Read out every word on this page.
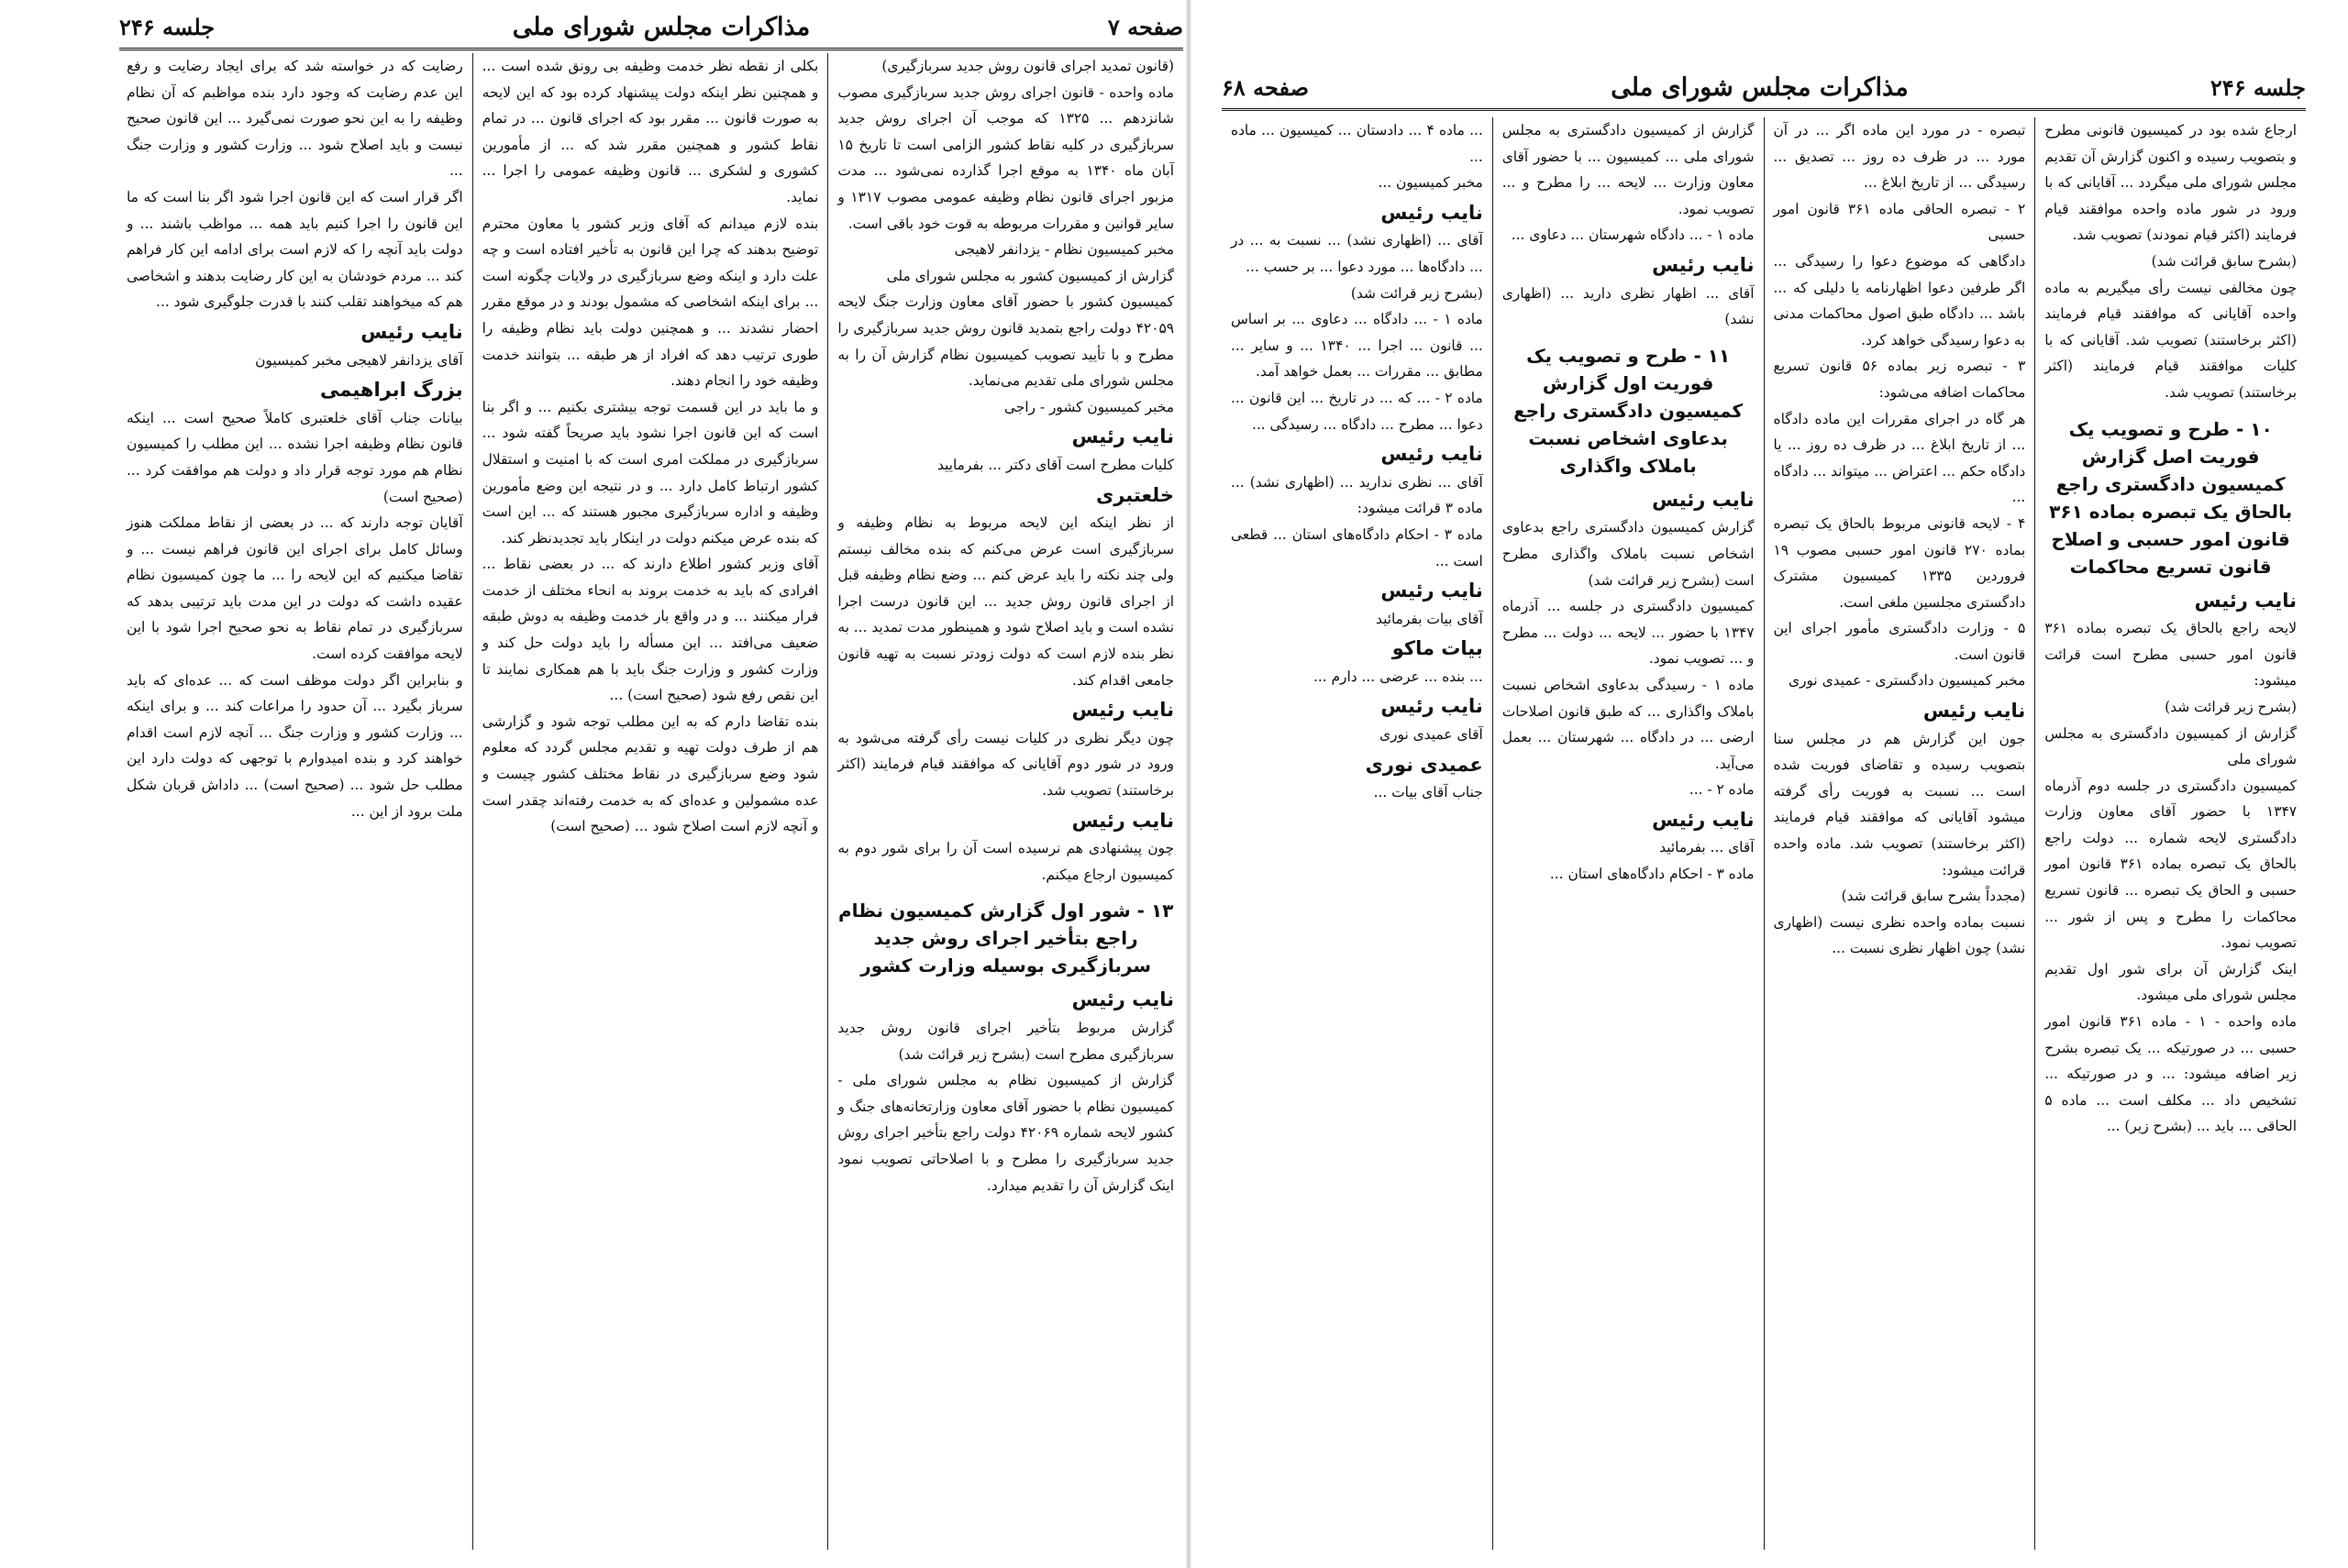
صفحه ۷
مذاکرات مجلس شورای ملی
جلسه ۲۴۶

(قانون تمدید اجرای قانون روش جدید سربازگیری)

ماده واحده - قانون اجرای روش جدید سربازگیری مصوب شانزدهم ... ۱۳۲۵ که موجب آن اجرای روش جدید سربازگیری در کلیه نقاط کشور الزامی است تا تاریخ ۱۵ آبان ماه ۱۳۴۰ به موقع اجرا گذارده نمی‌شود ... مدت مزبور اجرای قانون نظام وظیفه عمومی مصوب ۱۳۱۷ و سایر قوانین و مقررات مربوطه به قوت خود باقی است.

مخبر کمیسیون نظام - یزدانفر لاهیجی

گزارش از کمیسیون کشور به مجلس شورای ملی

کمیسیون کشور با حضور آقای معاون وزارت جنگ لایحه ۴۲۰۵۹ دولت راجع بتمدید قانون روش جدید سربازگیری را مطرح و با تأیید تصویب کمیسیون نظام گزارش آن را به مجلس شورای ملی تقدیم می‌نماید.

مخبر کمیسیون کشور - راجی

نایب رئیس

کلیات مطرح است آقای دکتر ... بفرمایید

خلعتبری

از نظر اینکه این لایحه مربوط به نظام وظیفه و سربازگیری است عرض می‌کنم که بنده مخالف نیستم ولی چند نکته را باید عرض کنم ... وضع نظام وظیفه قبل از اجرای قانون روش جدید ... این قانون درست اجرا نشده است و باید اصلاح شود و همینطور مدت تمدید ... به نظر بنده لازم است که دولت زودتر نسبت به تهیه قانون جامعی اقدام کند.

نایب رئیس

چون دیگر نظری در کلیات نیست رأی گرفته می‌شود به ورود در شور دوم آقایانی که موافقند قیام فرمایند (اکثر برخاستند) تصویب شد.

نایب رئیس

چون پیشنهادی هم نرسیده است آن را برای شور دوم به کمیسیون ارجاع میکنم.

۱۳ - شور اول گزارش کمیسیون نظام راجع بتأخیر اجرای روش جدید سربازگیری بوسیله وزارت کشور
نایب رئیس

گزارش مربوط بتأخیر اجرای قانون روش جدید سربازگیری مطرح است (بشرح زیر قرائت شد)

گزارش از کمیسیون نظام به مجلس شورای ملی - کمیسیون نظام با حضور آقای معاون وزارتخانه‌های جنگ و کشور لایحه شماره ۴۲۰۶۹ دولت راجع بتأخیر اجرای روش جدید سربازگیری را مطرح و با اصلاحاتی تصویب نمود اینک گزارش آن را تقدیم میدارد.

بکلی از نقطه نظر خدمت وظیفه بی رونق شده است ... و همچنین نظر اینکه دولت پیشنهاد کرده بود که این لایحه به صورت قانون ... مقرر بود که اجرای قانون ... در تمام نقاط کشور و همچنین مقرر شد که ... از مأمورین کشوری و لشکری ... قانون وظیفه عمومی را اجرا ... نماید.

بنده لازم میدانم که آقای وزیر کشور یا معاون محترم توضیح بدهند که چرا این قانون به تأخیر افتاده است و چه علت دارد و اینکه وضع سربازگیری در ولایات چگونه است ... برای اینکه اشخاصی که مشمول بودند و در موقع مقرر احضار نشدند ... و همچنین دولت باید نظام وظیفه را طوری ترتیب دهد که افراد از هر طبقه ... بتوانند خدمت وظیفه خود را انجام دهند.

و ما باید در این قسمت توجه بیشتری بکنیم ... و اگر بنا است که این قانون اجرا نشود باید صریحاً گفته شود ... سربازگیری در مملکت امری است که با امنیت و استقلال کشور ارتباط کامل دارد ... و در نتیجه این وضع مأمورین وظیفه و اداره سربازگیری مجبور هستند که ... این است که بنده عرض میکنم دولت در اینکار باید تجدیدنظر کند.

آقای وزیر کشور اطلاع دارند که ... در بعضی نقاط ... افرادی که باید به خدمت بروند به انحاء مختلف از خدمت فرار میکنند ... و در واقع بار خدمت وظیفه به دوش طبقه ضعیف می‌افتد ... این مسأله را باید دولت حل کند و وزارت کشور و وزارت جنگ باید با هم همکاری نمایند تا این نقص رفع شود (صحیح است) ...

بنده تقاضا دارم که به این مطلب توجه شود و گزارشی هم از طرف دولت تهیه و تقدیم مجلس گردد که معلوم شود وضع سربازگیری در نقاط مختلف کشور چیست و عده مشمولین و عده‌ای که به خدمت رفته‌اند چقدر است و آنچه لازم است اصلاح شود ... (صحیح است)

رضایت که در خواسته شد که برای ایجاد رضایت و رفع این عدم رضایت که وجود دارد بنده مواظبم که آن نظام وظیفه را به این نحو صورت نمی‌گیرد ... این قانون صحیح نیست و باید اصلاح شود ... وزارت کشور و وزارت جنگ ...

اگر قرار است که این قانون اجرا شود اگر بنا است که ما این قانون را اجرا کنیم باید همه ... مواظب باشند ... و دولت باید آنچه را که لازم است برای ادامه این کار فراهم کند ... مردم خودشان به این کار رضایت بدهند و اشخاصی هم که میخواهند تقلب کنند با قدرت جلوگیری شود ...

نایب رئیس

آقای یزدانفر لاهیجی مخبر کمیسیون

بزرگ ابراهیمی

بیانات جناب آقای خلعتبری کاملاً صحیح است ... اینکه قانون نظام وظیفه اجرا نشده ... این مطلب را کمیسیون نظام هم مورد توجه قرار داد و دولت هم موافقت کرد ... (صحیح است)

آقایان توجه دارند که ... در بعضی از نقاط مملکت هنوز وسائل کامل برای اجرای این قانون فراهم نیست ... و تقاضا میکنیم که این لایحه را ... ما چون کمیسیون نظام عقیده داشت که دولت در این مدت باید ترتیبی بدهد که سربازگیری در تمام نقاط به نحو صحیح اجرا شود با این لایحه موافقت کرده است.

و بنابراین اگر دولت موظف است که ... عده‌ای که باید سرباز بگیرد ... آن حدود را مراعات کند ... و برای اینکه ... وزارت کشور و وزارت جنگ ... آنچه لازم است اقدام خواهند کرد و بنده امیدوارم با توجهی که دولت دارد این مطلب حل شود ... (صحیح است) ... داداش قربان شکل ملت برود از این ...

جلسه ۲۴۶
مذاکرات مجلس شورای ملی
صفحه ۶۸

ارجاع شده بود در کمیسیون قانونی مطرح و بتصویب رسیده و اکنون گزارش آن تقدیم مجلس شورای ملی میگردد ... آقایانی که با ورود در شور ماده واحده موافقند قیام فرمایند (اکثر قیام نمودند) تصویب شد.

(بشرح سابق قرائت شد)

چون مخالفی نیست رأی میگیریم به ماده واحده آقایانی که موافقند قیام فرمایند (اکثر برخاستند) تصویب شد. آقایانی که با کلیات موافقند قیام فرمایند (اکثر برخاستند) تصویب شد.

۱۰ - طرح و تصویب یک فوریت اصل گزارش کمیسیون دادگستری راجع بالحاق یک تبصره بماده ۳۶۱ قانون امور حسبی و اصلاح قانون تسریع محاکمات
نایب رئیس

لایحه راجع بالحاق یک تبصره بماده ۳۶۱ قانون امور حسبی مطرح است قرائت میشود:

(بشرح زیر قرائت شد)

گزارش از کمیسیون دادگستری به مجلس شورای ملی

کمیسیون دادگستری در جلسه دوم آذرماه ۱۳۴۷ با حضور آقای معاون وزارت دادگستری لایحه شماره ... دولت راجع بالحاق یک تبصره بماده ۳۶۱ قانون امور حسبی و الحاق یک تبصره ... قانون تسریع محاکمات را مطرح و پس از شور ... تصویب نمود.

اینک گزارش آن برای شور اول تقدیم مجلس شورای ملی میشود.

ماده واحده - ۱ - ماده ۳۶۱ قانون امور حسبی ... در صورتیکه ... یک تبصره بشرح زیر اضافه میشود: ... و در صورتیکه ... تشخیص داد ... مکلف است ... ماده ۵ الحاقی ... باید ... (بشرح زیر) ...

تبصره - در مورد این ماده اگر ... در آن مورد ... در ظرف ده روز ... تصدیق ... رسیدگی ... از تاریخ ابلاغ ...

۲ - تبصره الحاقی ماده ۳۶۱ قانون امور حسبی

دادگاهی که موضوع دعوا را رسیدگی ... اگر طرفین دعوا اظهارنامه یا دلیلی که ... باشد ... دادگاه طبق اصول محاکمات مدنی به دعوا رسیدگی خواهد کرد.

۳ - تبصره زیر بماده ۵۶ قانون تسریع محاکمات اضافه می‌شود:

هر گاه در اجرای مقررات این ماده دادگاه ... از تاریخ ابلاغ ... در ظرف ده روز ... یا دادگاه حکم ... اعتراض ... میتواند ... دادگاه ...

۴ - لایحه قانونی مربوط بالحاق یک تبصره بماده ۲۷۰ قانون امور حسبی مصوب ۱۹ فروردین ۱۳۳۵ کمیسیون مشترک دادگستری مجلسین ملغی است.

۵ - وزارت دادگستری مأمور اجرای این قانون است.

مخبر کمیسیون دادگستری - عمیدی نوری

نایب رئیس

جون این گزارش هم در مجلس سنا بتصویب رسیده و تقاضای فوریت شده است ... نسبت به فوریت رأی گرفته میشود آقایانی که موافقند قیام فرمایند (اکثر برخاستند) تصویب شد. ماده واحده قرائت میشود:

(مجدداً بشرح سابق قرائت شد)

نسبت بماده واحده نظری نیست (اظهاری نشد) چون اظهار نظری نسبت ...

گزارش از کمیسیون دادگستری به مجلس شورای ملی ... کمیسیون ... با حضور آقای معاون وزارت ... لایحه ... را مطرح و ... تصویب نمود.

ماده ۱ - ... دادگاه شهرستان ... دعاوی ...

نایب رئیس

آقای ... اظهار نظری دارید ... (اظهاری نشد)

۱۱ - طرح و تصویب یک فوریت اول گزارش کمیسیون دادگستری راجع بدعاوی اشخاص نسبت باملاک واگذاری
نایب رئیس

گزارش کمیسیون دادگستری راجع بدعاوی اشخاص نسبت باملاک واگذاری مطرح است (بشرح زیر قرائت شد)

کمیسیون دادگستری در جلسه ... آذرماه ۱۳۴۷ با حضور ... لایحه ... دولت ... مطرح و ... تصویب نمود.

ماده ۱ - رسیدگی بدعاوی اشخاص نسبت باملاک واگذاری ... که طبق قانون اصلاحات ارضی ... در دادگاه ... شهرستان ... بعمل می‌آید.

ماده ۲ - ...

نایب رئیس

آقای ... بفرمائید

ماده ۳ - احکام دادگاه‌های استان ...

... ماده ۴ ... دادستان ... کمیسیون ... ماده ...

مخبر کمیسیون ...

نایب رئیس

آقای ... (اظهاری نشد) ... نسبت به ... در ... دادگاه‌ها ... مورد دعوا ... بر حسب ...

(بشرح زیر قرائت شد)

ماده ۱ - ... دادگاه ... دعاوی ... بر اساس ... قانون ... اجرا ... ۱۳۴۰ ... و سایر ... مطابق ... مقررات ... بعمل خواهد آمد.

ماده ۲ - ... که ... در تاریخ ... این قانون ... دعوا ... مطرح ... دادگاه ... رسیدگی ...

نایب رئیس

آقای ... نظری ندارید ... (اظهاری نشد) ... ماده ۳ قرائت میشود:

ماده ۳ - احکام دادگاه‌های استان ... قطعی است ...

نایب رئیس

آقای بیات بفرمائید

بیات ماکو

... بنده ... عرضی ... دارم ...

نایب رئیس

آقای عمیدی نوری

عمیدی نوری

جناب آقای بیات ...
